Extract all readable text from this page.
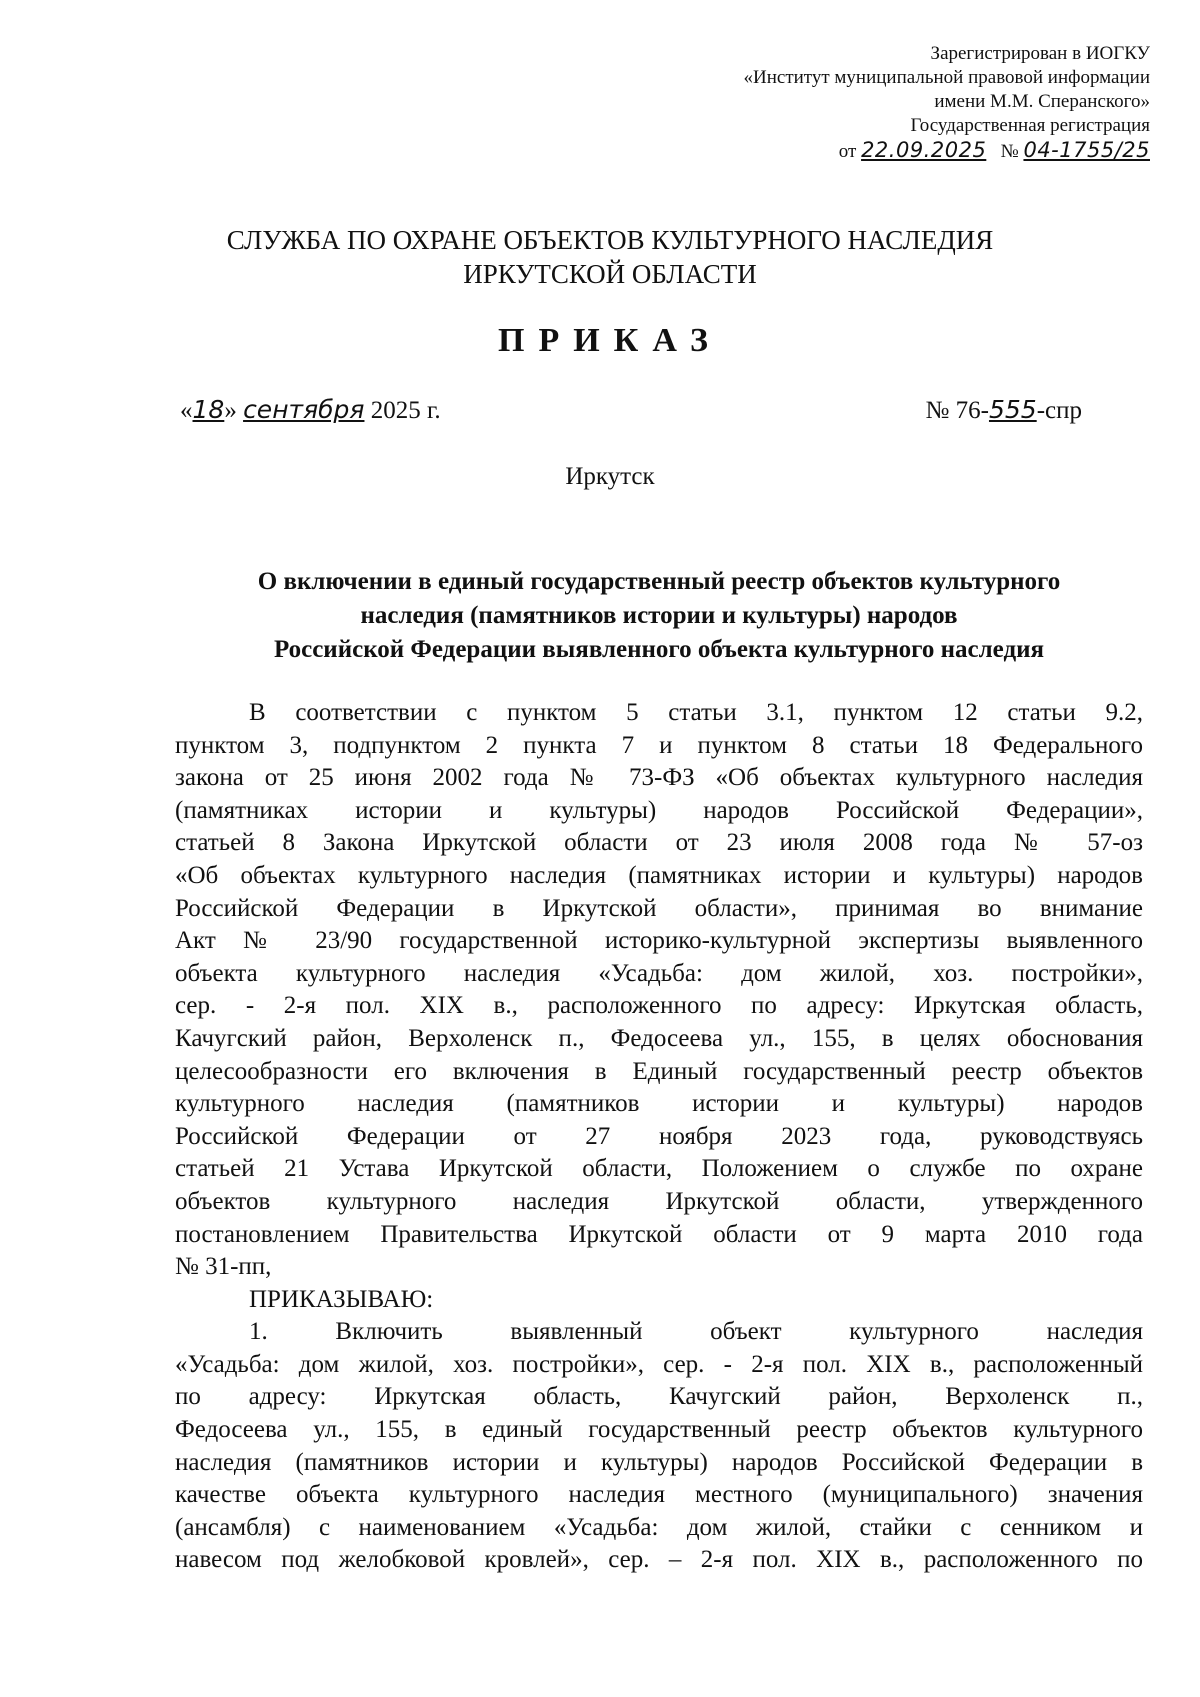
Зарегистрирован в ИОГКУ
«Институт муниципальной правовой информации
имени М.М. Сперанского»
Государственная регистрация
от 22.09.2025 № 04-1755/25
СЛУЖБА ПО ОХРАНЕ ОБЪЕКТОВ КУЛЬТУРНОГО НАСЛЕДИЯ
ИРКУТСКОЙ ОБЛАСТИ
ПРИКАЗ
«18» сентября 2025 г.	№ 76-555-спр
Иркутск
О включении в единый государственный реестр объектов культурного
наследия (памятников истории и культуры) народов
Российской Федерации выявленного объекта культурного наследия
В соответствии с пунктом 5 статьи 3.1, пунктом 12 статьи 9.2,
пунктом 3, подпунктом 2 пункта 7 и пунктом 8 статьи 18 Федерального
закона от 25 июня 2002 года № 73-ФЗ «Об объектах культурного наследия
(памятниках истории и культуры) народов Российской Федерации»,
статьей 8 Закона Иркутской области от 23 июля 2008 года № 57-оз
«Об объектах культурного наследия (памятниках истории и культуры) народов
Российской Федерации в Иркутской области», принимая во внимание
Акт № 23/90 государственной историко-культурной экспертизы выявленного
объекта культурного наследия «Усадьба: дом жилой, хоз. постройки»,
сер. - 2-я пол. XIX в., расположенного по адресу: Иркутская область,
Качугский район, Верхоленск п., Федосеева ул., 155, в целях обоснования
целесообразности его включения в Единый государственный реестр объектов
культурного наследия (памятников истории и культуры) народов
Российской Федерации от 27 ноября 2023 года, руководствуясь
статьей 21 Устава Иркутской области, Положением о службе по охране
объектов культурного наследия Иркутской области, утвержденного
постановлением Правительства Иркутской области от 9 марта 2010 года
№ 31-пп,
ПРИКАЗЫВАЮ:
1. Включить выявленный объект культурного наследия
«Усадьба: дом жилой, хоз. постройки», сер. - 2-я пол. XIX в., расположенный
по адресу: Иркутская область, Качугский район, Верхоленск п.,
Федосеева ул., 155, в единый государственный реестр объектов культурного
наследия (памятников истории и культуры) народов Российской Федерации в
качестве объекта культурного наследия местного (муниципального) значения
(ансамбля) с наименованием «Усадьба: дом жилой, стайки с сенником и
навесом под желобковой кровлей», сер. – 2-я пол. XIX в., расположенного по
